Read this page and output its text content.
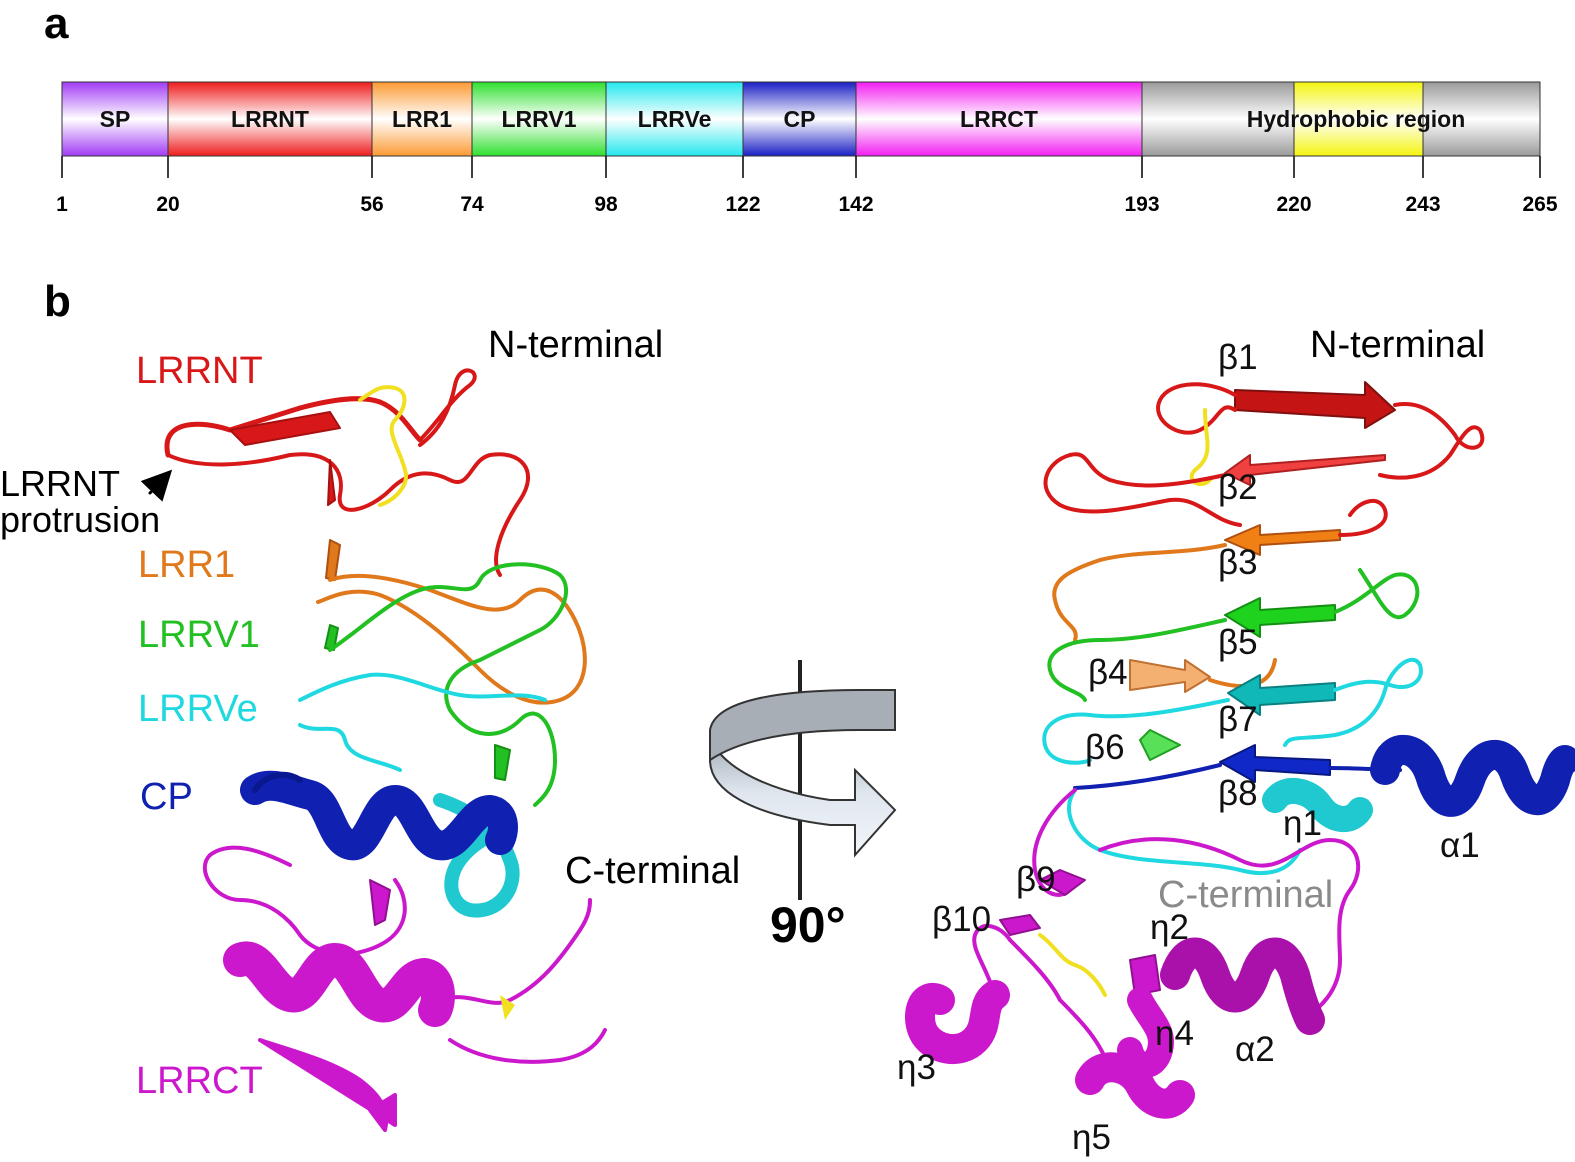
a
SP	LRRNT	LRR1 LRRV1	LRRVe	CP	LRRCT	Hydrophobic region
1	20	56	74	98	122	142	193	220	243	265
b
N-terminal
LRRNT
LRRNT
protrusion
LRR1
LRRV1
LRRVe
CP
C-terminal
LRRCT
90°
N-terminal
β1
β2
β3
β5
β4
β7
β6
β8
η1
α1
β9	C-terminal
β10	η2
η4 α2
η3
η5
